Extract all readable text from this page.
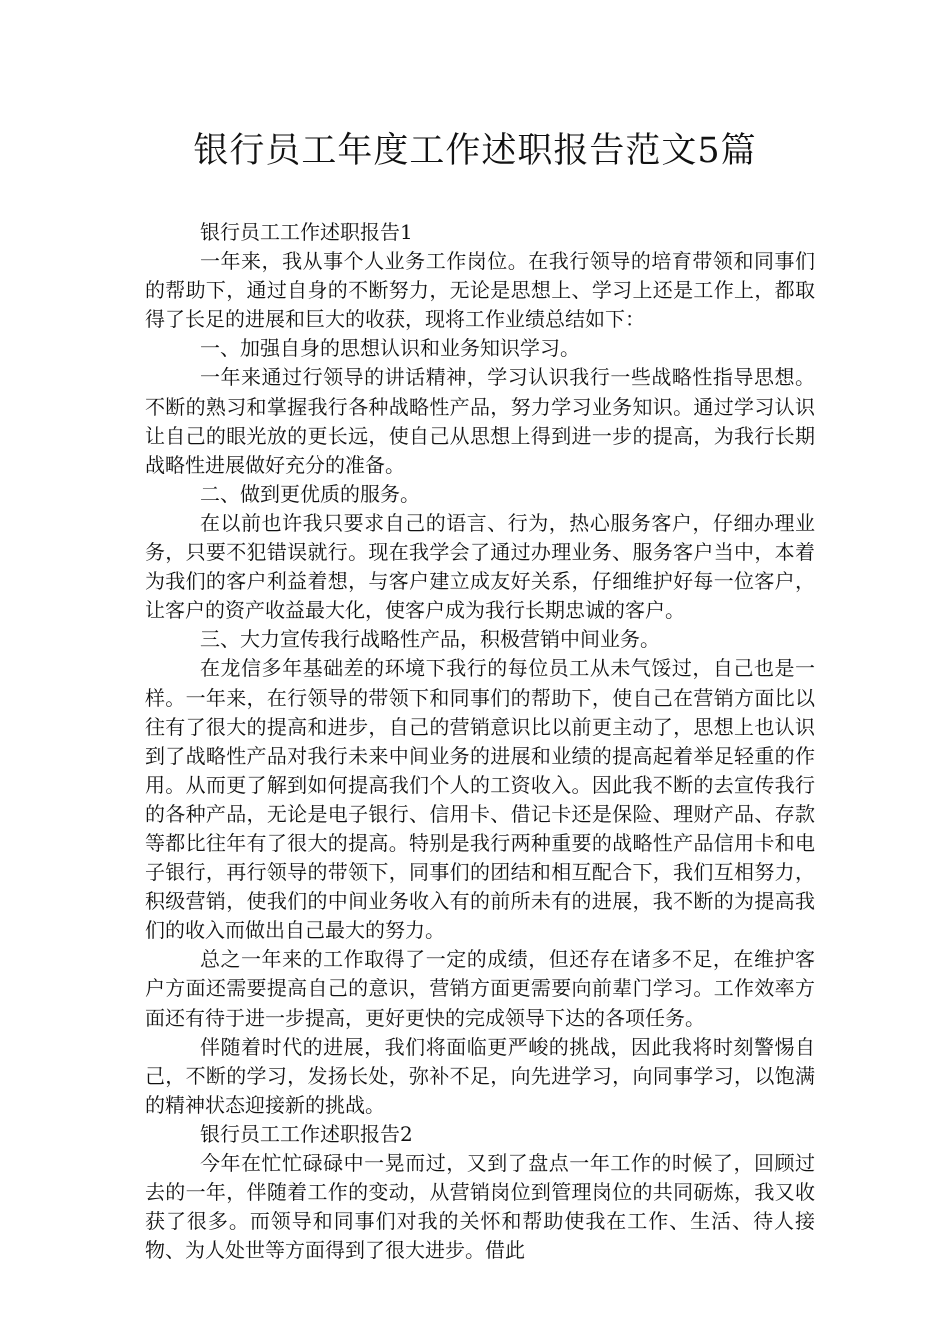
银行员工年度工作述职报告范文5篇

银行员工工作述职报告1

一年来，我从事个人业务工作岗位。在我行领导的培育带领和同事们的帮助下，通过自身的不断努力，无论是思想上、学习上还是工作上，都取得了长足的进展和巨大的收获，现将工作业绩总结如下：

一、加强自身的思想认识和业务知识学习。

一年来通过行领导的讲话精神，学习认识我行一些战略性指导思想。不断的熟习和掌握我行各种战略性产品，努力学习业务知识。通过学习认识让自己的眼光放的更长远，使自己从思想上得到进一步的提高，为我行长期战略性进展做好充分的准备。

二、做到更优质的服务。

在以前也许我只要求自己的语言、行为，热心服务客户，仔细办理业务，只要不犯错误就行。现在我学会了通过办理业务、服务客户当中，本着为我们的客户利益着想，与客户建立成友好关系，仔细维护好每一位客户，让客户的资产收益最大化，使客户成为我行长期忠诚的客户。

三、大力宣传我行战略性产品，积极营销中间业务。

在龙信多年基础差的环境下我行的每位员工从未气馁过，自己也是一样。一年来，在行领导的带领下和同事们的帮助下，使自己在营销方面比以往有了很大的提高和进步，自己的营销意识比以前更主动了，思想上也认识到了战略性产品对我行未来中间业务的进展和业绩的提高起着举足轻重的作用。从而更了解到如何提高我们个人的工资收入。因此我不断的去宣传我行的各种产品，无论是电子银行、信用卡、借记卡还是保险、理财产品、存款等都比往年有了很大的提高。特别是我行两种重要的战略性产品信用卡和电子银行，再行领导的带领下，同事们的团结和相互配合下，我们互相努力，积级营销，使我们的中间业务收入有的前所未有的进展，我不断的为提高我们的收入而做出自己最大的努力。

总之一年来的工作取得了一定的成绩，但还存在诸多不足，在维护客户方面还需要提高自己的意识，营销方面更需要向前辈门学习。工作效率方面还有待于进一步提高，更好更快的完成领导下达的各项任务。

伴随着时代的进展，我们将面临更严峻的挑战，因此我将时刻警惕自己，不断的学习，发扬长处，弥补不足，向先进学习，向同事学习，以饱满的精神状态迎接新的挑战。

银行员工工作述职报告2

今年在忙忙碌碌中一晃而过，又到了盘点一年工作的时候了，回顾过去的一年，伴随着工作的变动，从营销岗位到管理岗位的共同砺炼，我又收获了很多。而领导和同事们对我的关怀和帮助使我在工作、生活、待人接物、为人处世等方面得到了很大进步。借此
